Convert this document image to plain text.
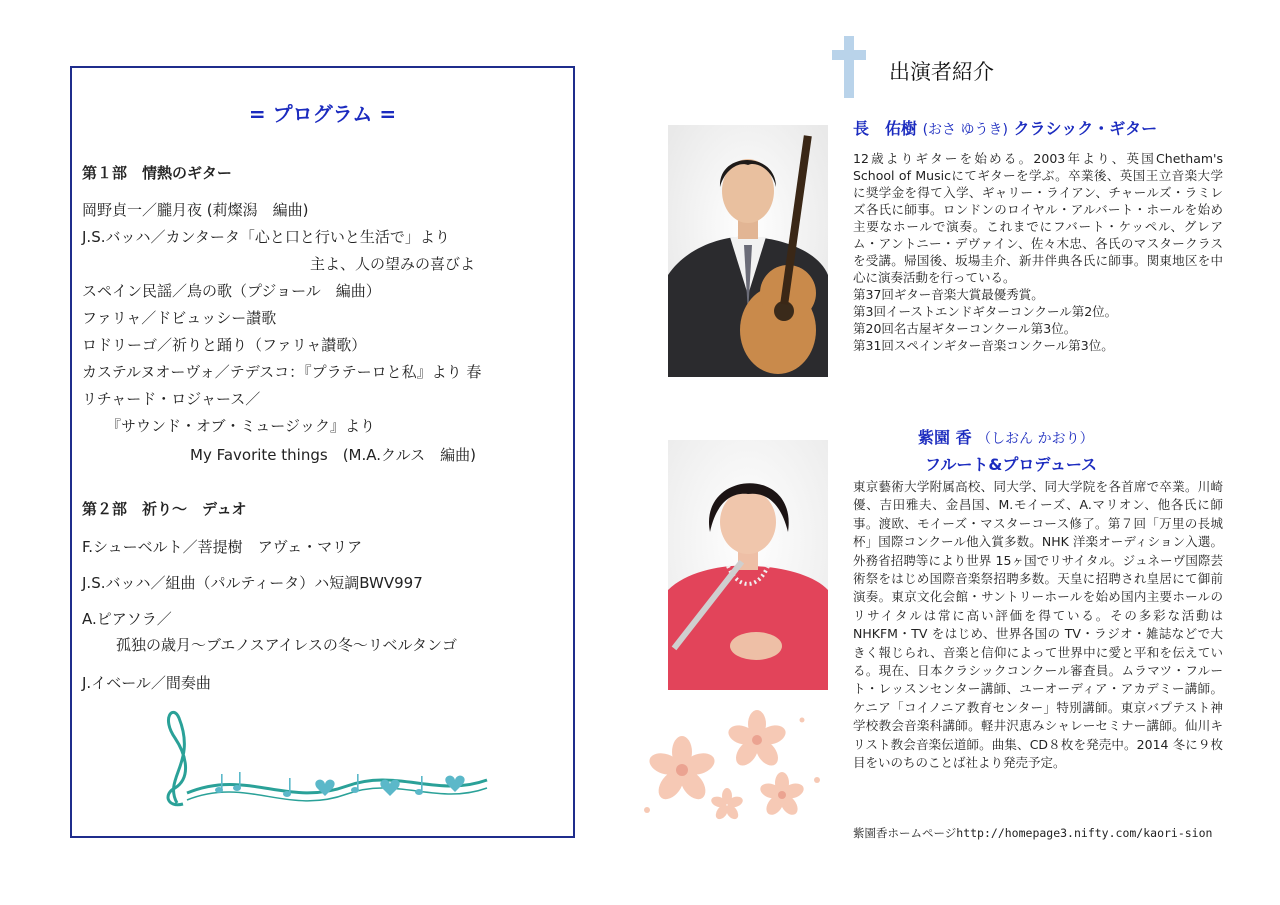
= プログラム =
第１部　情熱のギター
岡野貞一／朧月夜 (莉燦潟　編曲)
J.S.バッハ／カンタータ「心と口と行いと生活で」より
主よ、人の望みの喜びよ
スペイン民謡／鳥の歌（プジョール　編曲）
ファリャ／ドビュッシー讃歌
ロドリーゴ／祈りと踊り（ファリャ讃歌）
カステルヌオーヴォ／テデスコ：『プラテーロと私』より 春
リチャード・ロジャース／
『サウンド・オブ・ミュージック』より
My Favorite things　(M.A.クルス　編曲)
第２部　祈り〜　デュオ
F.シューベルト／菩提樹　アヴェ・マリア
J.S.バッハ／組曲（パルティータ）ハ短調BWV997
A.ピアソラ／
孤独の歳月〜ブエノスアイレスの冬〜リベルタンゴ
J.イベール／間奏曲
出演者紹介
長　佑樹 (おさ ゆうき) クラシック・ギター
12歳よりギターを始める。2003年より、英国Chetham's School of Musicにてギターを学ぶ。卒業後、英国王立音楽大学に奨学金を得て入学、ギャリー・ライアン、チャールズ・ラミレズ各氏に師事。ロンドンのロイヤル・アルバート・ホールを始め主要なホールで演奏。これまでにフバート・ケッペル、グレアム・アントニー・デヴァイン、佐々木忠、各氏のマスタークラスを受講。帰国後、坂場圭介、新井伴典各氏に師事。関東地区を中心に演奏活動を行っている。
第37回ギター音楽大賞最優秀賞。
第3回イーストエンドギターコンクール第2位。
第20回名古屋ギターコンクール第3位。
第31回スペインギター音楽コンクール第3位。
紫園 香 （しおん かおり）
フルート&プロデュース
東京藝術大学附属高校、同大学、同大学院を各首席で卒業。川崎優、吉田雅夫、金昌国、M.モイーズ、A.マリオン、他各氏に師事。渡欧、モイーズ・マスターコース修了。第７回「万里の長城杯」国際コンクール他入賞多数。NHK 洋楽オーディション入選。外務省招聘等により世界 15ヶ国でリサイタル。ジュネーヴ国際芸術祭をはじめ国際音楽祭招聘多数。天皇に招聘され皇居にて御前演奏。東京文化会館・サントリーホールを始め国内主要ホールのリサイタルは常に高い評価を得ている。その多彩な活動は NHKFM・TV をはじめ、世界各国の TV・ラジオ・雑誌などで大きく報じられ、音楽と信仰によって世界中に愛と平和を伝えている。現在、日本クラシックコンクール審査員。ムラマツ・フルート・レッスンセンター講師、ユーオーディア・アカデミー講師。ケニア「コイノニア教育センター」特別講師。東京バプテスト神学校教会音楽科講師。軽井沢恵みシャレーセミナー講師。仙川キリスト教会音楽伝道師。曲集、CD８枚を発売中。2014 冬に９枚目をいのちのことば社より発売予定。
紫園香ホームページhttp://homepage3.nifty.com/kaori-sion
